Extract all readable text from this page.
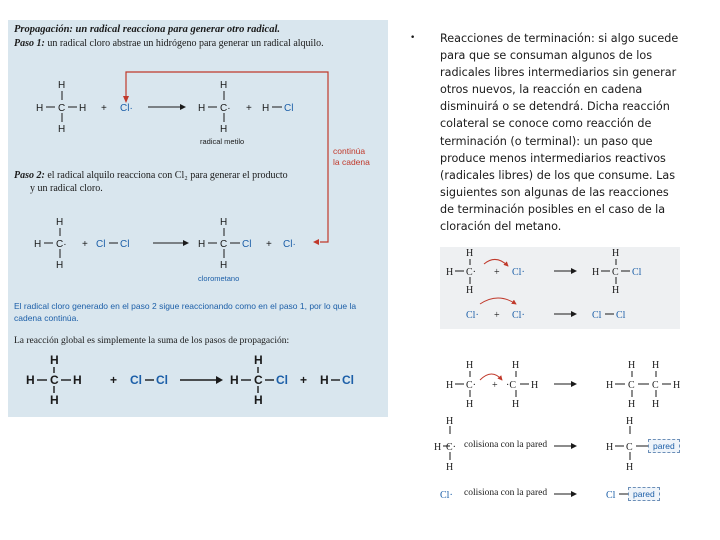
Propagación: un radical reacciona para generar otro radical.
Paso 1: un radical cloro abstrae un hidrógeno para generar un radical alquilo.
H
H C H
H
+ Cl·
H
H C·
H
+ H Cl
H
H C·
H
+ Cl Cl
H
H C Cl
H
+ Cl·
H
H C H
H
+ Cl Cl
H
H C Cl
H
+ H Cl
radical metilo
continúa
la cadena
Paso 2: el radical alquilo reacciona con Cl₂ para generar el producto
y un radical cloro.
clorometano
El radical cloro generado en el paso 2 sigue reaccionando como en el paso 1, por lo que la
cadena continúa.
La reacción global es simplemente la suma de los pasos de propagación:
• Reacciones de terminación: si algo sucede para que se consuman algunos de los radicales libres intermediarios sin generar otros nuevos, la reacción en cadena disminuirá o se detendrá. Dicha reacción colateral se conoce como reacción de terminación (o terminal): un paso que produce menos intermediarios reactivos (radicales libres) de los que consume. Las siguientes son algunas de las reacciones de terminación posibles en el caso de la cloración del metano.
H
H C·
H
+ Cl·
H
H C Cl
H
Cl· + Cl·	Cl Cl
H	H
H C· + ·C H
H	H
H H
H C C H
H H
H
H C·
H
H
H C
H
Cl·	Cl
colisiona con la pared
colisiona con la pared
pared
pared
